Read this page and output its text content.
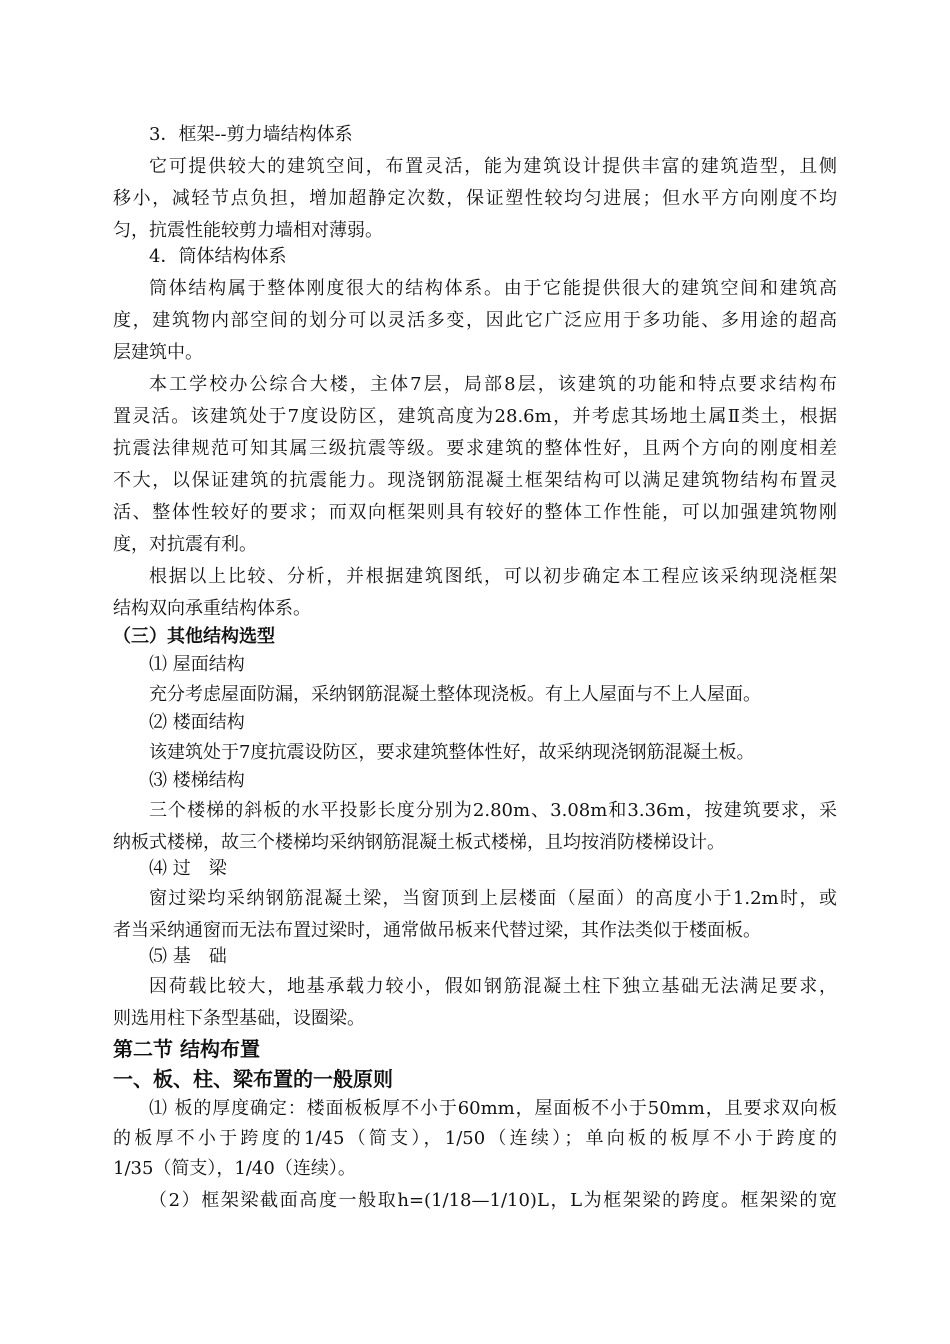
3．框架--剪力墙结构体系
它可提供较大的建筑空间，布置灵活，能为建筑设计提供丰富的建筑造型，且侧
移小，减轻节点负担，增加超静定次数，保证塑性较均匀进展；但水平方向刚度不均
匀，抗震性能较剪力墙相对薄弱。
4．筒体结构体系
筒体结构属于整体刚度很大的结构体系。由于它能提供很大的建筑空间和建筑高
度，建筑物内部空间的划分可以灵活多变，因此它广泛应用于多功能、多用途的超高
层建筑中。
本工学校办公综合大楼，主体7层，局部8层，该建筑的功能和特点要求结构布
置灵活。该建筑处于7度设防区，建筑高度为28.6m，并考虑其场地土属Ⅱ类土，根据
抗震法律规范可知其属三级抗震等级。要求建筑的整体性好，且两个方向的刚度相差
不大，以保证建筑的抗震能力。现浇钢筋混凝土框架结构可以满足建筑物结构布置灵
活、整体性较好的要求；而双向框架则具有较好的整体工作性能，可以加强建筑物刚
度，对抗震有利。
根据以上比较、分析，并根据建筑图纸，可以初步确定本工程应该采纳现浇框架
结构双向承重结构体系。
（三）其他结构选型
⑴ 屋面结构
充分考虑屋面防漏，采纳钢筋混凝土整体现浇板。有上人屋面与不上人屋面。
⑵ 楼面结构
该建筑处于7度抗震设防区，要求建筑整体性好，故采纳现浇钢筋混凝土板。
⑶ 楼梯结构
三个楼梯的斜板的水平投影长度分别为2.80m、3.08m和3.36m，按建筑要求，采
纳板式楼梯，故三个楼梯均采纳钢筋混凝土板式楼梯，且均按消防楼梯设计。
⑷ 过　梁
窗过梁均采纳钢筋混凝土梁，当窗顶到上层楼面（屋面）的高度小于1.2m时，或
者当采纳通窗而无法布置过梁时，通常做吊板来代替过梁，其作法类似于楼面板。
⑸ 基　础
因荷载比较大，地基承载力较小，假如钢筋混凝土柱下独立基础无法满足要求，
则选用柱下条型基础，设圈梁。
第二节 结构布置
一、板、柱、梁布置的一般原则
⑴ 板的厚度确定：楼面板板厚不小于60mm，屋面板不小于50mm，且要求双向板
的板厚不小于跨度的1/45（简支），1/50（连续）；单向板的板厚不小于跨度的
1/35（简支），1/40（连续）。
（2）框架梁截面高度一般取h=(1/18—1/10)L，L为框架梁的跨度。框架梁的宽
